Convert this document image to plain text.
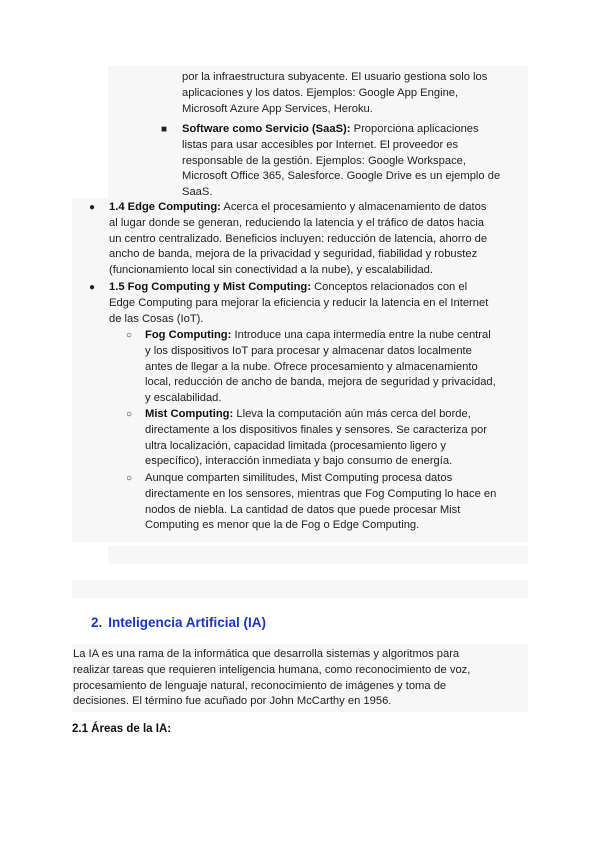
por la infraestructura subyacente. El usuario gestiona solo los
aplicaciones y los datos. Ejemplos: Google App Engine,
Microsoft Azure App Services, Heroku.
■ Software como Servicio (SaaS): Proporciona aplicaciones
listas para usar accesibles por Internet. El proveedor es
responsable de la gestión. Ejemplos: Google Workspace,
Microsoft Office 365, Salesforce. Google Drive es un ejemplo de
SaaS.
● 1.4 Edge Computing: Acerca el procesamiento y almacenamiento de datos
al lugar donde se generan, reduciendo la latencia y el tráfico de datos hacia
un centro centralizado. Beneficios incluyen: reducción de latencia, ahorro de
ancho de banda, mejora de la privacidad y seguridad, fiabilidad y robustez
(funcionamiento local sin conectividad a la nube), y escalabilidad.
● 1.5 Fog Computing y Mist Computing: Conceptos relacionados con el
Edge Computing para mejorar la eficiencia y reducir la latencia en el Internet
de las Cosas (IoT).
○ Fog Computing: Introduce una capa intermedia entre la nube central
y los dispositivos IoT para procesar y almacenar datos localmente
antes de llegar a la nube. Ofrece procesamiento y almacenamiento
local, reducción de ancho de banda, mejora de seguridad y privacidad,
y escalabilidad.
○ Mist Computing: Lleva la computación aún más cerca del borde,
directamente a los dispositivos finales y sensores. Se caracteriza por
ultra localización, capacidad limitada (procesamiento ligero y
específico), interacción inmediata y bajo consumo de energía.
○ Aunque comparten similitudes, Mist Computing procesa datos
directamente en los sensores, mientras que Fog Computing lo hace en
nodos de niebla. La cantidad de datos que puede procesar Mist
Computing es menor que la de Fog o Edge Computing.
2. Inteligencia Artificial (IA)
La IA es una rama de la informática que desarrolla sistemas y algoritmos para
realizar tareas que requieren inteligencia humana, como reconocimiento de voz,
procesamiento de lenguaje natural, reconocimiento de imágenes y toma de
decisiones. El término fue acuñado por John McCarthy en 1956.
2.1 Áreas de la IA:
